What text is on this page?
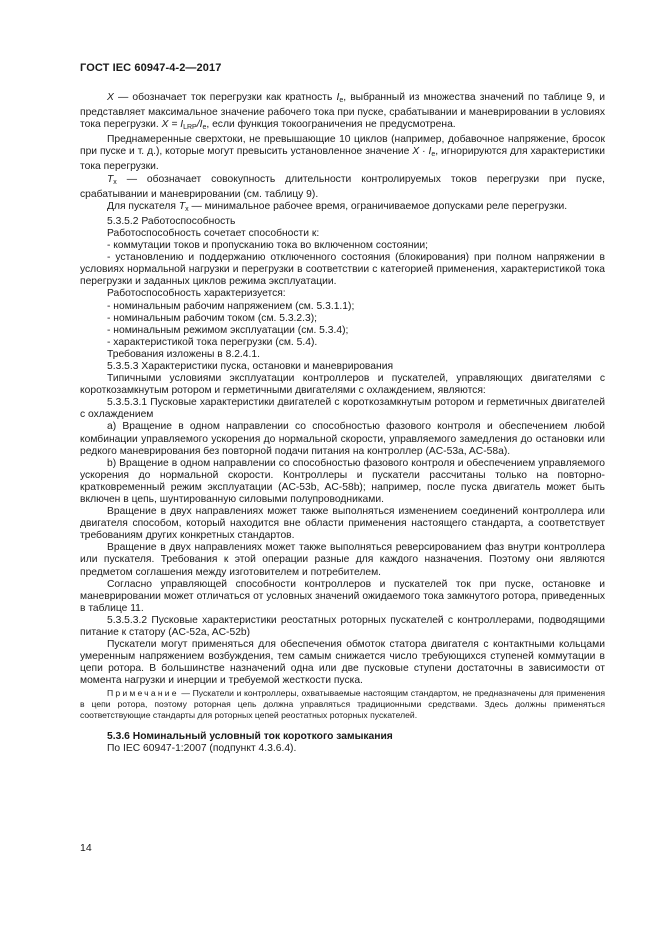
ГОСТ IEC 60947-4-2—2017

X — обозначает ток перегрузки как кратность $I_e$, выбранный из множества значений по таблице 9, и представляет максимальное значение рабочего тока при пуске, срабатывании и маневрировании в условиях тока перегрузки. $X = I_{LRP}/I_e$, если функция токоограничения не предусмотрена.

Преднамеренные сверхтоки, не превышающие 10 циклов (например, добавочное напряжение, бросок при пуске и т. д.), которые могут превысить установленное значение $X \cdot I_e$, игнорируются для характеристики тока перегрузки.

$T_x$ — обозначает совокупность длительности контролируемых токов перегрузки при пуске, срабатывании и маневрировании (см. таблицу 9).

Для пускателя $T_x$ — минимальное рабочее время, ограничиваемое допусками реле перегрузки.

5.3.5.2 Работоспособность

Работоспособность сочетает способности к:

- коммутации токов и пропусканию тока во включенном состоянии;

- установлению и поддержанию отключенного состояния (блокирования) при полном напряжении в условиях нормальной нагрузки и перегрузки в соответствии с категорией применения, характеристикой тока перегрузки и заданных циклов режима эксплуатации.

Работоспособность характеризуется:

- номинальным рабочим напряжением (см. 5.3.1.1);

- номинальным рабочим током (см. 5.3.2.3);

- номинальным режимом эксплуатации (см. 5.3.4);

- характеристикой тока перегрузки (см. 5.4).

Требования изложены в 8.2.4.1.

5.3.5.3 Характеристики пуска, остановки и маневрирования

Типичными условиями эксплуатации контроллеров и пускателей, управляющих двигателями с короткозамкнутым ротором и герметичными двигателями с охлаждением, являются:

5.3.5.3.1 Пусковые характеристики двигателей с короткозамкнутым ротором и герметичных двигателей с охлаждением

а) Вращение в одном направлении со способностью фазового контроля и обеспечением любой комбинации управляемого ускорения до нормальной скорости, управляемого замедления до остановки или редкого маневрирования без повторной подачи питания на контроллер (AC-53a, AC-58a).

b) Вращение в одном направлении со способностью фазового контроля и обеспечением управляемого ускорения до нормальной скорости. Контроллеры и пускатели рассчитаны только на повторно-кратковременный режим эксплуатации (AC-53b, AC-58b); например, после пуска двигатель может быть включен в цепь, шунтированную силовыми полупроводниками.

Вращение в двух направлениях может также выполняться изменением соединений контроллера или двигателя способом, который находится вне области применения настоящего стандарта, а соответствует требованиям других конкретных стандартов.

Вращение в двух направлениях может также выполняться реверсированием фаз внутри контроллера или пускателя. Требования к этой операции разные для каждого назначения. Поэтому они являются предметом соглашения между изготовителем и потребителем.

Согласно управляющей способности контроллеров и пускателей ток при пуске, остановке и маневрировании может отличаться от условных значений ожидаемого тока замкнутого ротора, приведенных в таблице 11.

5.3.5.3.2 Пусковые характеристики реостатных роторных пускателей с контроллерами, подводящими питание к статору (AC-52a, AC-52b)

Пускатели могут применяться для обеспечения обмоток статора двигателя с контактными кольцами умеренным напряжением возбуждения, тем самым снижается число требующихся ступеней коммутации в цепи ротора. В большинстве назначений одна или две пусковые ступени достаточны в зависимости от момента нагрузки и инерции и требуемой жесткости пуска.

Примечание — Пускатели и контроллеры, охватываемые настоящим стандартом, не предназначены для применения в цепи ротора, поэтому роторная цепь должна управляться традиционными средствами. Здесь должны применяться соответствующие стандарты для роторных цепей реостатных роторных пускателей.

5.3.6 Номинальный условный ток короткого замыкания

По IEC 60947-1:2007 (подпункт 4.3.6.4).

14
